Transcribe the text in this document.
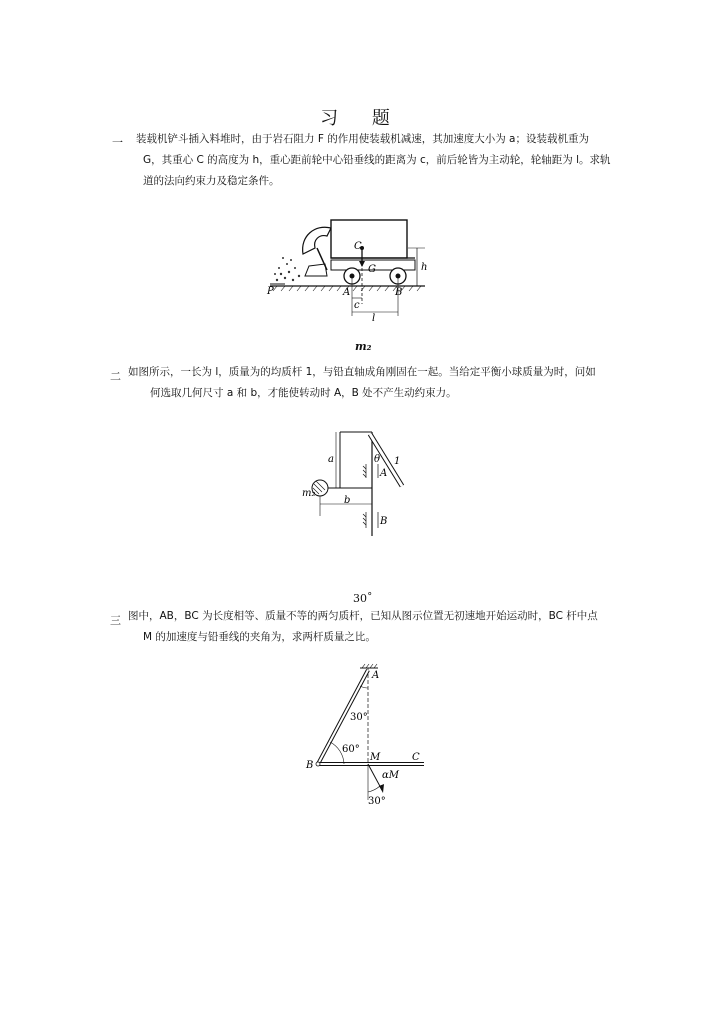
习 题
一 装载机铲斗插入料堆时，由于岩石阻力 F 的作用使装载机减速，其加速度大小为 a；设装载机重为
G，其重心 C 的高度为 h，重心距前轮中心铅垂线的距离为 c，前后轮皆为主动轮，轮轴距为 l。求轨
道的法向约束力及稳定条件。
C
G	h
P	A	B
c
l
m₂
二 如图所示，一长为 l，质量为的均质杆 1，与铅直轴成角刚固在一起。当给定平衡小球质量为时，问如
何选取几何尺寸 a 和 b，才能使转动时 A，B 处不产生动约束力。
a	θ 1
A
m₂
b
B
30˚
三 图中，AB，BC 为长度相等、质量不等的两匀质杆，已知从图示位置无初速地开始运动时，BC 杆中点
M 的加速度与铅垂线的夹角为，求两杆质量之比。
A
30°
60°
B
M	C
αM
30°
